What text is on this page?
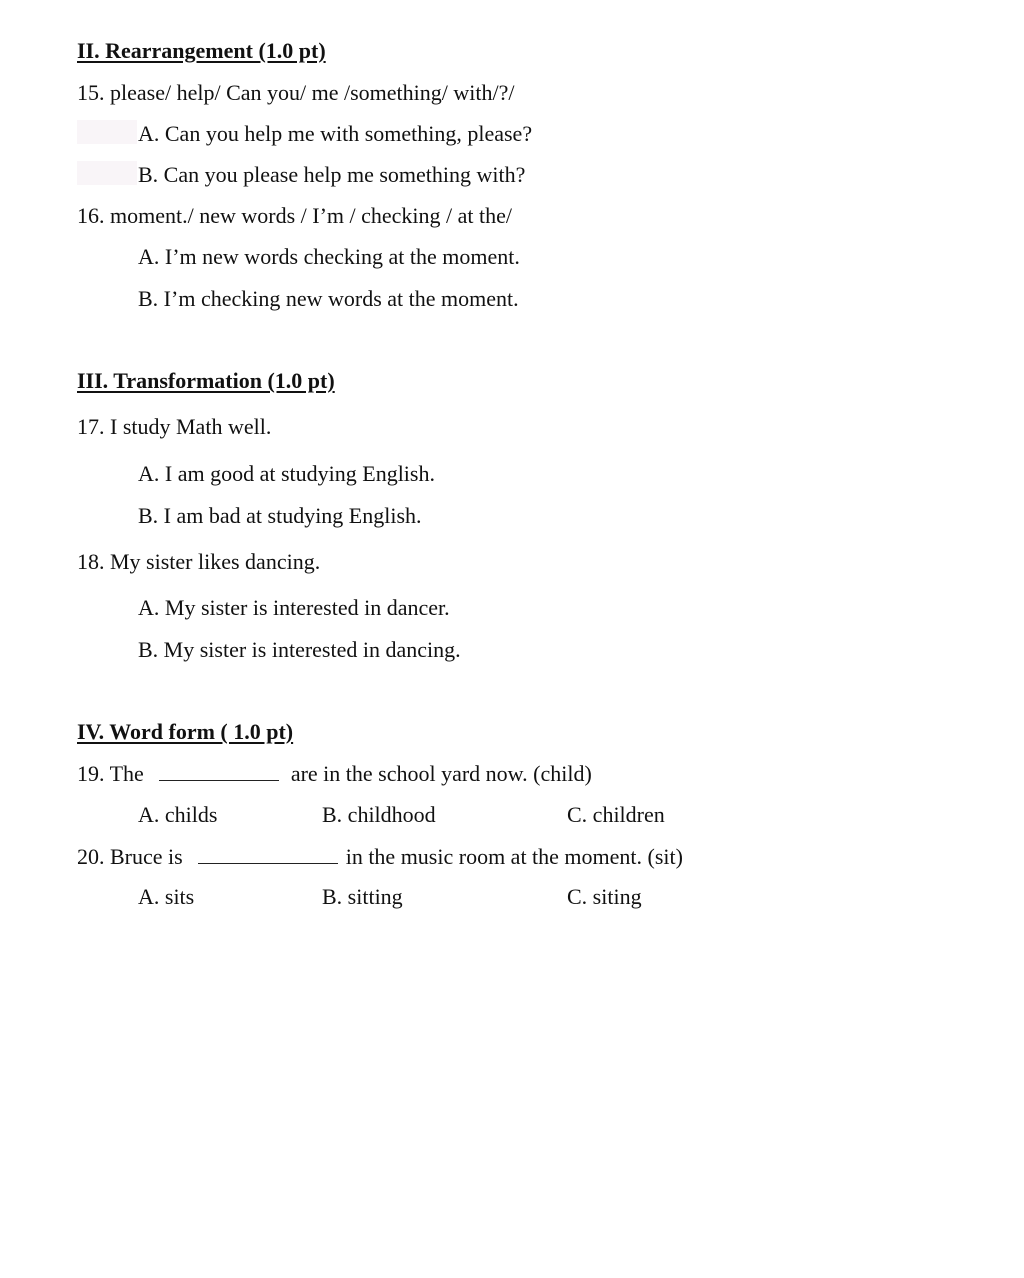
II. Rearrangement (1.0 pt)
15. please/ help/ Can you/ me /something/ with/?/
A. Can you help me with something, please?
B. Can you please help me something with?
16. moment./ new words / I’m / checking / at the/
A. I’m new words checking at the moment.
B. I’m checking new words at the moment.
III. Transformation (1.0 pt)
17. I study Math well.
A. I am good at studying English.
B. I am bad at studying English.
18. My sister likes dancing.
A. My sister is interested in dancer.
B. My sister is interested in dancing.
IV. Word form ( 1.0 pt)
19. The	are in the school yard now. (child)
A. childs	B. childhood	C. children
20. Bruce is	in the music room at the moment. (sit)
A. sits	B. sitting	C. siting
